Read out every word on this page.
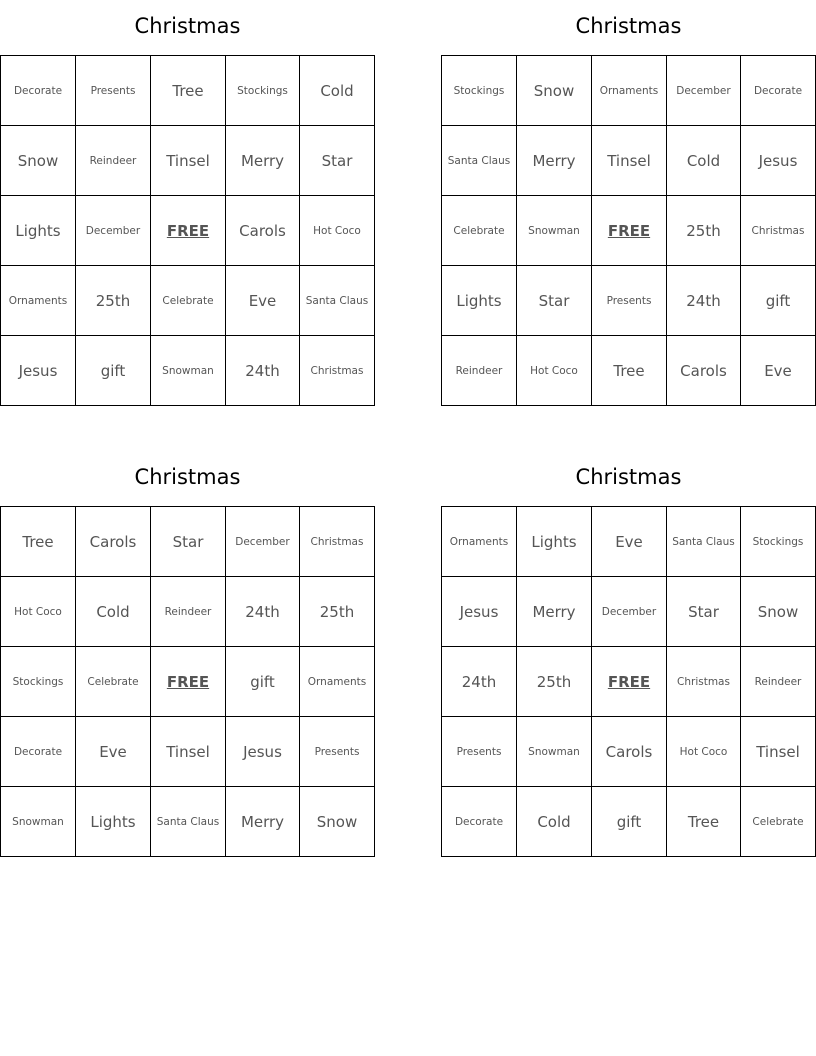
Christmas
Decorate	Presents	Tree	Stockings	Cold
Snow	Reindeer	Tinsel	Merry	Star
Lights	December	FREE	Carols	Hot Coco
Ornaments	25th	Celebrate	Eve	Santa Claus
Jesus	gift	Snowman	24th	Christmas
Christmas
Stockings	Snow	Ornaments	December	Decorate
Santa Claus	Merry	Tinsel	Cold	Jesus
Celebrate	Snowman	FREE	25th	Christmas
Lights	Star	Presents	24th	gift
Reindeer	Hot Coco	Tree	Carols	Eve
Christmas
Tree	Carols	Star	December	Christmas
Hot Coco	Cold	Reindeer	24th	25th
Stockings	Celebrate	FREE	gift	Ornaments
Decorate	Eve	Tinsel	Jesus	Presents
Snowman	Lights	Santa Claus	Merry	Snow
Christmas
Ornaments	Lights	Eve	Santa Claus	Stockings
Jesus	Merry	December	Star	Snow
24th	25th	FREE	Christmas	Reindeer
Presents	Snowman	Carols	Hot Coco	Tinsel
Decorate	Cold	gift	Tree	Celebrate
